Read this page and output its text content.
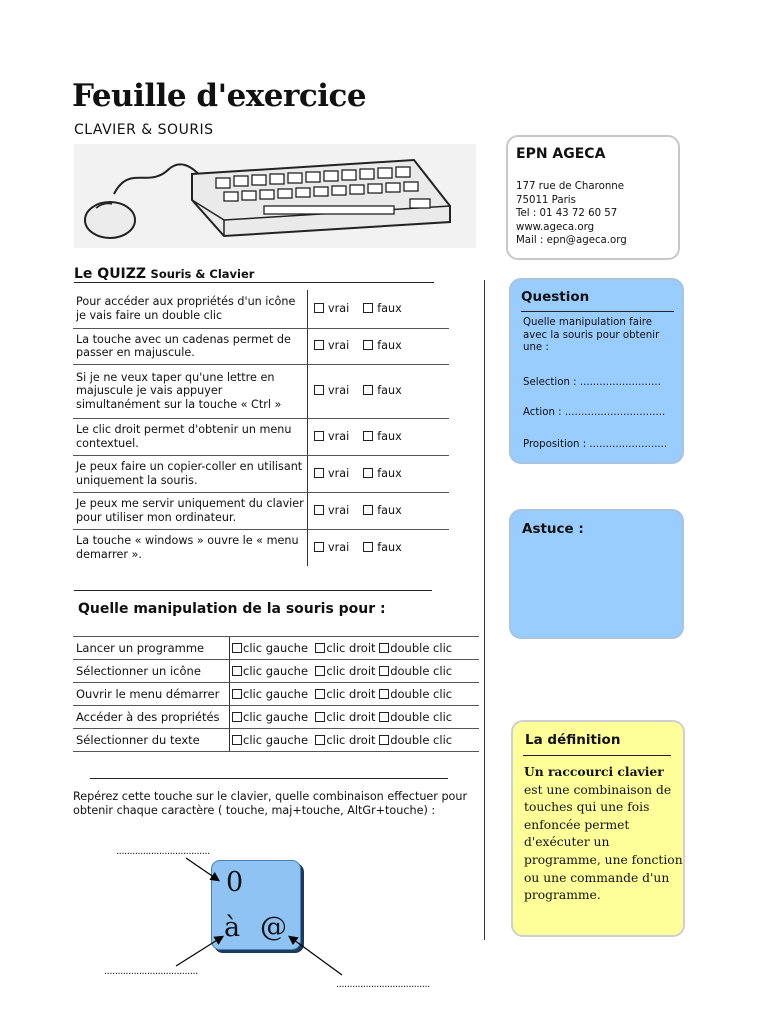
Feuille d'exercice
CLAVIER & SOURIS
EPN AGECA
177 rue de Charonne
75011 Paris
Tel : 01 43 72 60 57
www.ageca.org
Mail : epn@ageca.org
Question
Quelle manipulation faire avec la souris pour obtenir une :
Selection : .........................
Action : ...............................
Proposition : ........................
Astuce :
La définition
Un raccourci clavier est une combinaison de touches qui une fois enfoncée permet d'exécuter un programme, une fonction ou une commande d'un programme.
Le QUIZZ Souris & Clavier
Pour accéder aux propriétés d'un icône je vais faire un double clic	vrai faux
La touche avec un cadenas permet de passer en majuscule.	vrai faux
Si je ne veux taper qu'une lettre en majuscule je vais appuyer simultanément sur la touche « Ctrl »	vrai faux
Le clic droit permet d'obtenir un menu contextuel.	vrai faux
Je peux faire un copier-coller en utilisant uniquement la souris.	vrai faux
Je peux me servir uniquement du clavier pour utiliser mon ordinateur.	vrai faux
La touche « windows » ouvre le « menu demarrer ».	vrai faux
Quelle manipulation de la souris pour :
Lancer un programme	clic gauche clic droit double clic
Sélectionner un icône	clic gauche clic droit double clic
Ouvrir le menu démarrer	clic gauche clic droit double clic
Accéder à des propriétés	clic gauche clic droit double clic
Sélectionner du texte	clic gauche clic droit double clic
Repérez cette touche sur le clavier, quelle combinaison effectuer pour obtenir chaque caractère ( touche, maj+touche, AltGr+touche) :
...................................
...................................
...................................
0
à @
